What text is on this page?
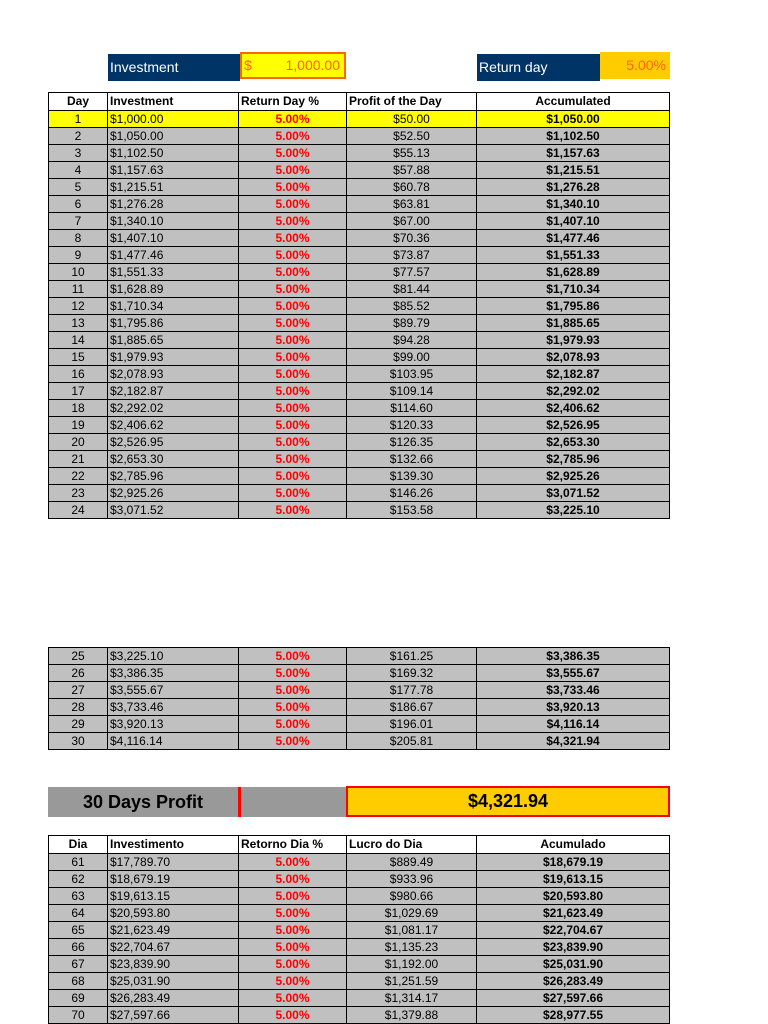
Investment	$ 1,000.00	Return day	5.00%
Day	Investment	Return Day %	Profit of the Day	Accumulated
1	$1,000.00	5.00%	$50.00	$1,050.00
2	$1,050.00	5.00%	$52.50	$1,102.50
3	$1,102.50	5.00%	$55.13	$1,157.63
4	$1,157.63	5.00%	$57.88	$1,215.51
5	$1,215.51	5.00%	$60.78	$1,276.28
6	$1,276.28	5.00%	$63.81	$1,340.10
7	$1,340.10	5.00%	$67.00	$1,407.10
8	$1,407.10	5.00%	$70.36	$1,477.46
9	$1,477.46	5.00%	$73.87	$1,551.33
10	$1,551.33	5.00%	$77.57	$1,628.89
11	$1,628.89	5.00%	$81.44	$1,710.34
12	$1,710.34	5.00%	$85.52	$1,795.86
13	$1,795.86	5.00%	$89.79	$1,885.65
14	$1,885.65	5.00%	$94.28	$1,979.93
15	$1,979.93	5.00%	$99.00	$2,078.93
16	$2,078.93	5.00%	$103.95	$2,182.87
17	$2,182.87	5.00%	$109.14	$2,292.02
18	$2,292.02	5.00%	$114.60	$2,406.62
19	$2,406.62	5.00%	$120.33	$2,526.95
20	$2,526.95	5.00%	$126.35	$2,653.30
21	$2,653.30	5.00%	$132.66	$2,785.96
22	$2,785.96	5.00%	$139.30	$2,925.26
23	$2,925.26	5.00%	$146.26	$3,071.52
24	$3,071.52	5.00%	$153.58	$3,225.10
25	$3,225.10	5.00%	$161.25	$3,386.35
26	$3,386.35	5.00%	$169.32	$3,555.67
27	$3,555.67	5.00%	$177.78	$3,733.46
28	$3,733.46	5.00%	$186.67	$3,920.13
29	$3,920.13	5.00%	$196.01	$4,116.14
30	$4,116.14	5.00%	$205.81	$4,321.94
30 Days Profit	$4,321.94
Dia	Investimento	Retorno Dia %	Lucro do Dia	Acumulado
61	$17,789.70	5.00%	$889.49	$18,679.19
62	$18,679.19	5.00%	$933.96	$19,613.15
63	$19,613.15	5.00%	$980.66	$20,593.80
64	$20,593.80	5.00%	$1,029.69	$21,623.49
65	$21,623.49	5.00%	$1,081.17	$22,704.67
66	$22,704.67	5.00%	$1,135.23	$23,839.90
67	$23,839.90	5.00%	$1,192.00	$25,031.90
68	$25,031.90	5.00%	$1,251.59	$26,283.49
69	$26,283.49	5.00%	$1,314.17	$27,597.66
70	$27,597.66	5.00%	$1,379.88	$28,977.55
